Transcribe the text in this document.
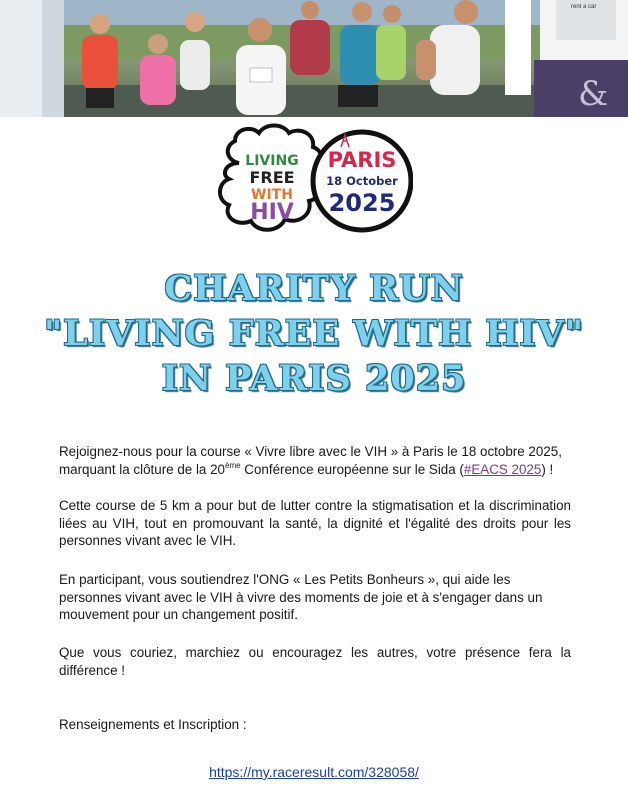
&
rent a car
LIVING
FREE
WITH
HIV
PARIS
18 October
2025
CHARITY RUN
"LIVING FREE WITH HIV"
IN PARIS 2025
Rejoignez-nous pour la course « Vivre libre avec le VIH » à Paris le 18 octobre 2025, marquant la clôture de la 20ème Conférence européenne sur le Sida (#EACS 2025) !
Cette course de 5 km a pour but de lutter contre la stigmatisation et la discrimination liées au VIH, tout en promouvant la santé, la dignité et l'égalité des droits pour les personnes vivant avec le VIH.
En participant, vous soutiendrez l'ONG « Les Petits Bonheurs », qui aide les personnes vivant avec le VIH à vivre des moments de joie et à s'engager dans un mouvement pour un changement positif.
Que vous couriez, marchiez ou encouragez les autres, votre présence fera la différence !
Renseignements et Inscription :
https://my.raceresult.com/328058/
